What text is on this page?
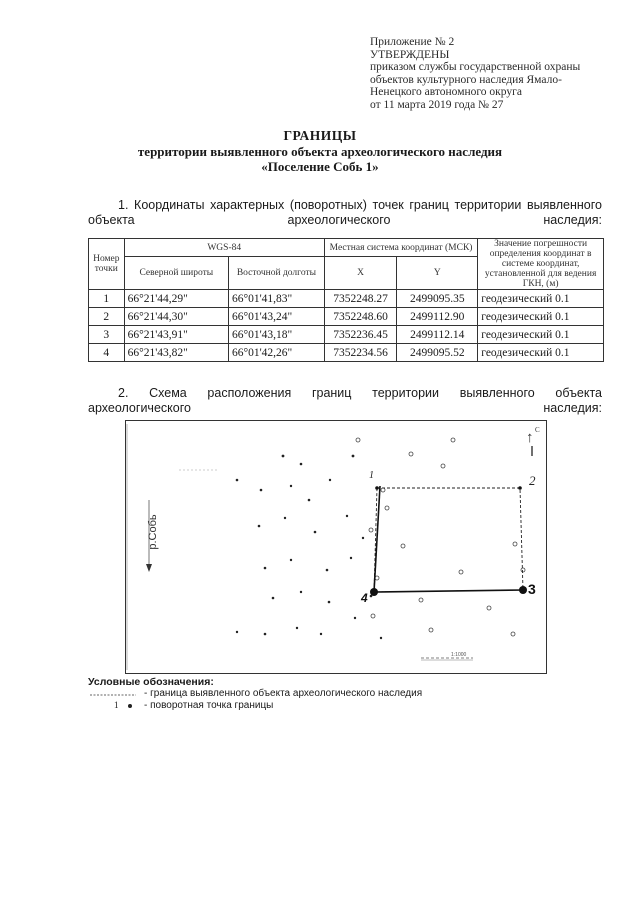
Приложение № 2
УТВЕРЖДЕНЫ
приказом службы государственной охраны
объектов культурного наследия Ямало-
Ненецкого автономного округа
от 11 марта 2019 года № 27
ГРАНИЦЫ
территории выявленного объекта археологического наследия
«Поселение Собь 1»
1. Координаты характерных (поворотных) точек границ территории выявленного объекта археологического наследия:
Номер точки	WGS-84		Местная система координат (МСК)		Значение погрешности определения координат в системе координат, установленной для ведения ГКН, (м)
	Северной широты	Восточной долготы	Х	Y	
1	66°21'44,29"	66°01'41,83"	7352248.27	2499095.35	геодезический 0.1
2	66°21'44,30"	66°01'43,24"	7352248.60	2499112.90	геодезический 0.1
3	66°21'43,91"	66°01'43,18"	7352236.45	2499112.14	геодезический 0.1
4	66°21'43,82"	66°01'42,26"	7352234.56	2499095.52	геодезический 0.1
2. Схема расположения границ территории выявленного объекта археологического наследия:
р.Собь
1	2
3
4
↑ С
1:1000
Условные обозначения:
- граница выявленного объекта археологического наследия
1	- поворотная точка границы
